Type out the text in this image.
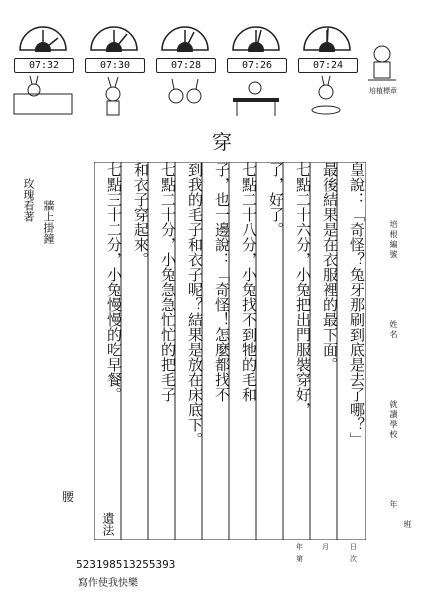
07:32	07:30	07:28	07:26	07:24
培植標章
穿
玫瑰看著 牆上掛鐘	皇說：「奇怪？兔牙那刷到底是去了哪？」
最後結果是在衣服裡的最下面。
七點二十六分，小兔把出門服裝穿好，
了，好了。
七點二十八分，小兔找不到牠的毛和
子，也一邊說：「奇怪！怎麼都找不
到我的毛子和衣子呢？結果是放在床底下。
七點二十分，小兔急急忙忙的把毛子
和衣子穿起來。
七點三十二分，小兔慢慢的吃早餐。
遺法
腰
培根編號
姓名
就讀學校
年
班
523198513255393
寫作使我快樂
年	月	日
第	次
